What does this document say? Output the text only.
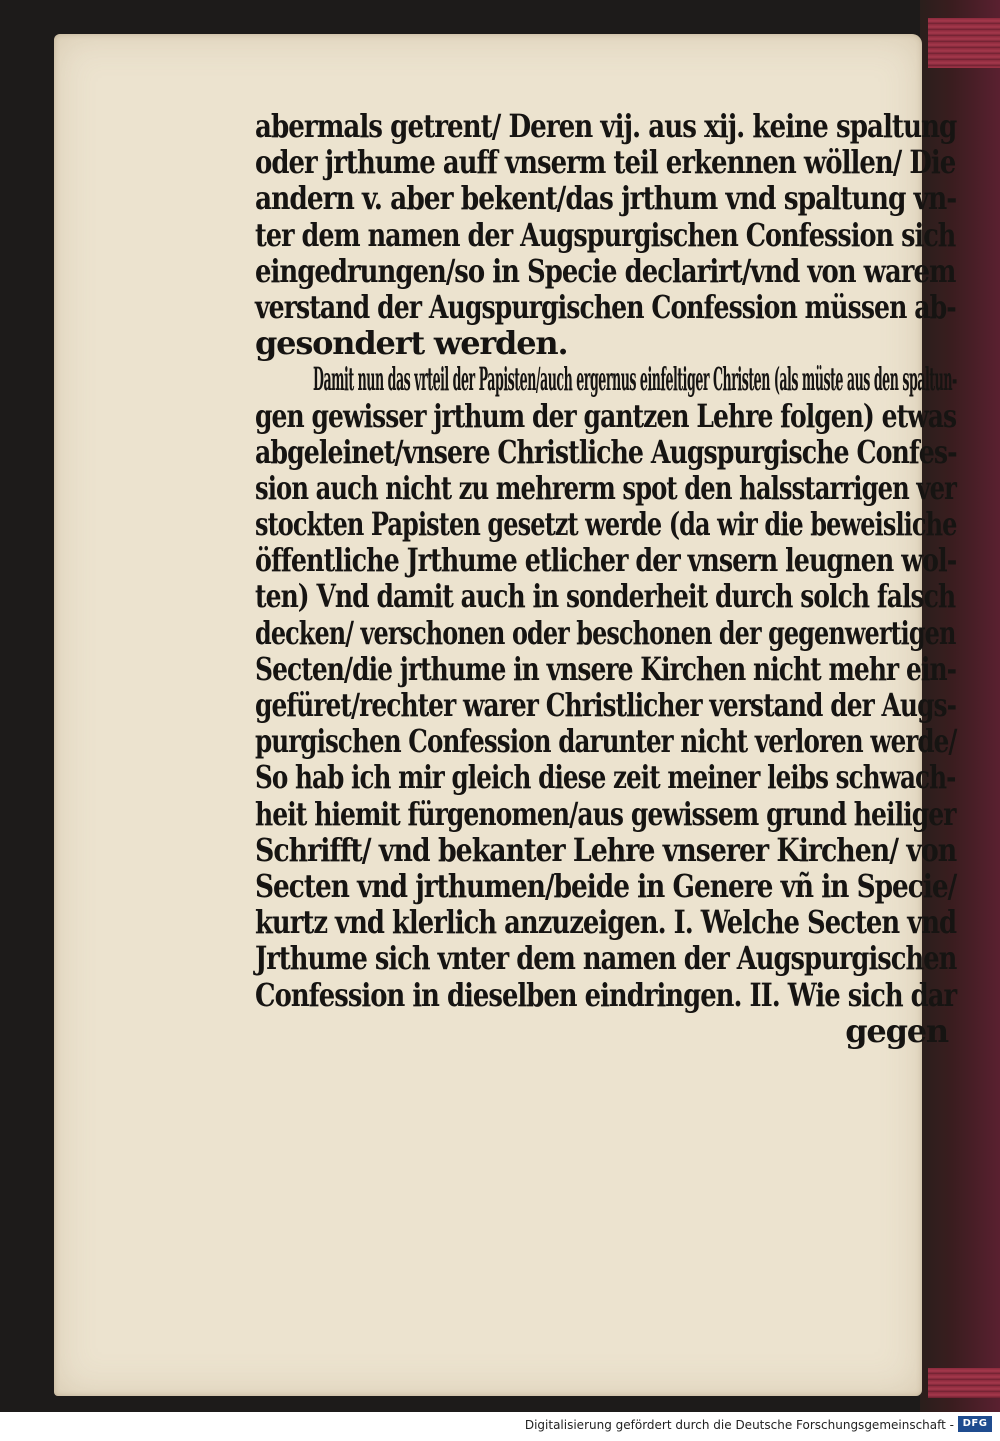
abermals getrent/ Deren vij. aus xij. keine spaltung
oder jrthume auff vnserm teil erkennen wöllen/ Die
andern v. aber bekent/das jrthum vnd spaltung vn-
ter dem namen der Augspurgischen Confession sich
eingedrungen/so in Specie declarirt/vnd von warem
verstand der Augspurgischen Confession müssen ab-
gesondert werden.
Damit nun das vrteil der Papisten/auch ergernus einfeltiger Christen (als müste aus den spaltun-
gen gewisser jrthum der gantzen Lehre folgen) etwas
abgeleinet/vnsere Christliche Augspurgische Confes-
sion auch nicht zu mehrerm spot den halsstarrigen ver
stockten Papisten gesetzt werde (da wir die beweisliche
öffentliche Jrthume etlicher der vnsern leugnen wol-
ten) Vnd damit auch in sonderheit durch solch falsch
decken/ verschonen oder beschonen der gegenwertigen
Secten/die jrthume in vnsere Kirchen nicht mehr ein-
gefüret/rechter warer Christlicher verstand der Augs-
purgischen Confession darunter nicht verloren werde/
So hab ich mir gleich diese zeit meiner leibs schwach-
heit hiemit fürgenomen/aus gewissem grund heiliger
Schrifft/ vnd bekanter Lehre vnserer Kirchen/ von
Secten vnd jrthumen/beide in Genere vñ in Specie/
kurtz vnd klerlich anzuzeigen. I. Welche Secten vnd
Jrthume sich vnter dem namen der Augspurgischen
Confession in dieselben eindringen. II. Wie sich dar
gegen
Digitalisierung gefördert durch die Deutsche Forschungsgemeinschaft - DFG
